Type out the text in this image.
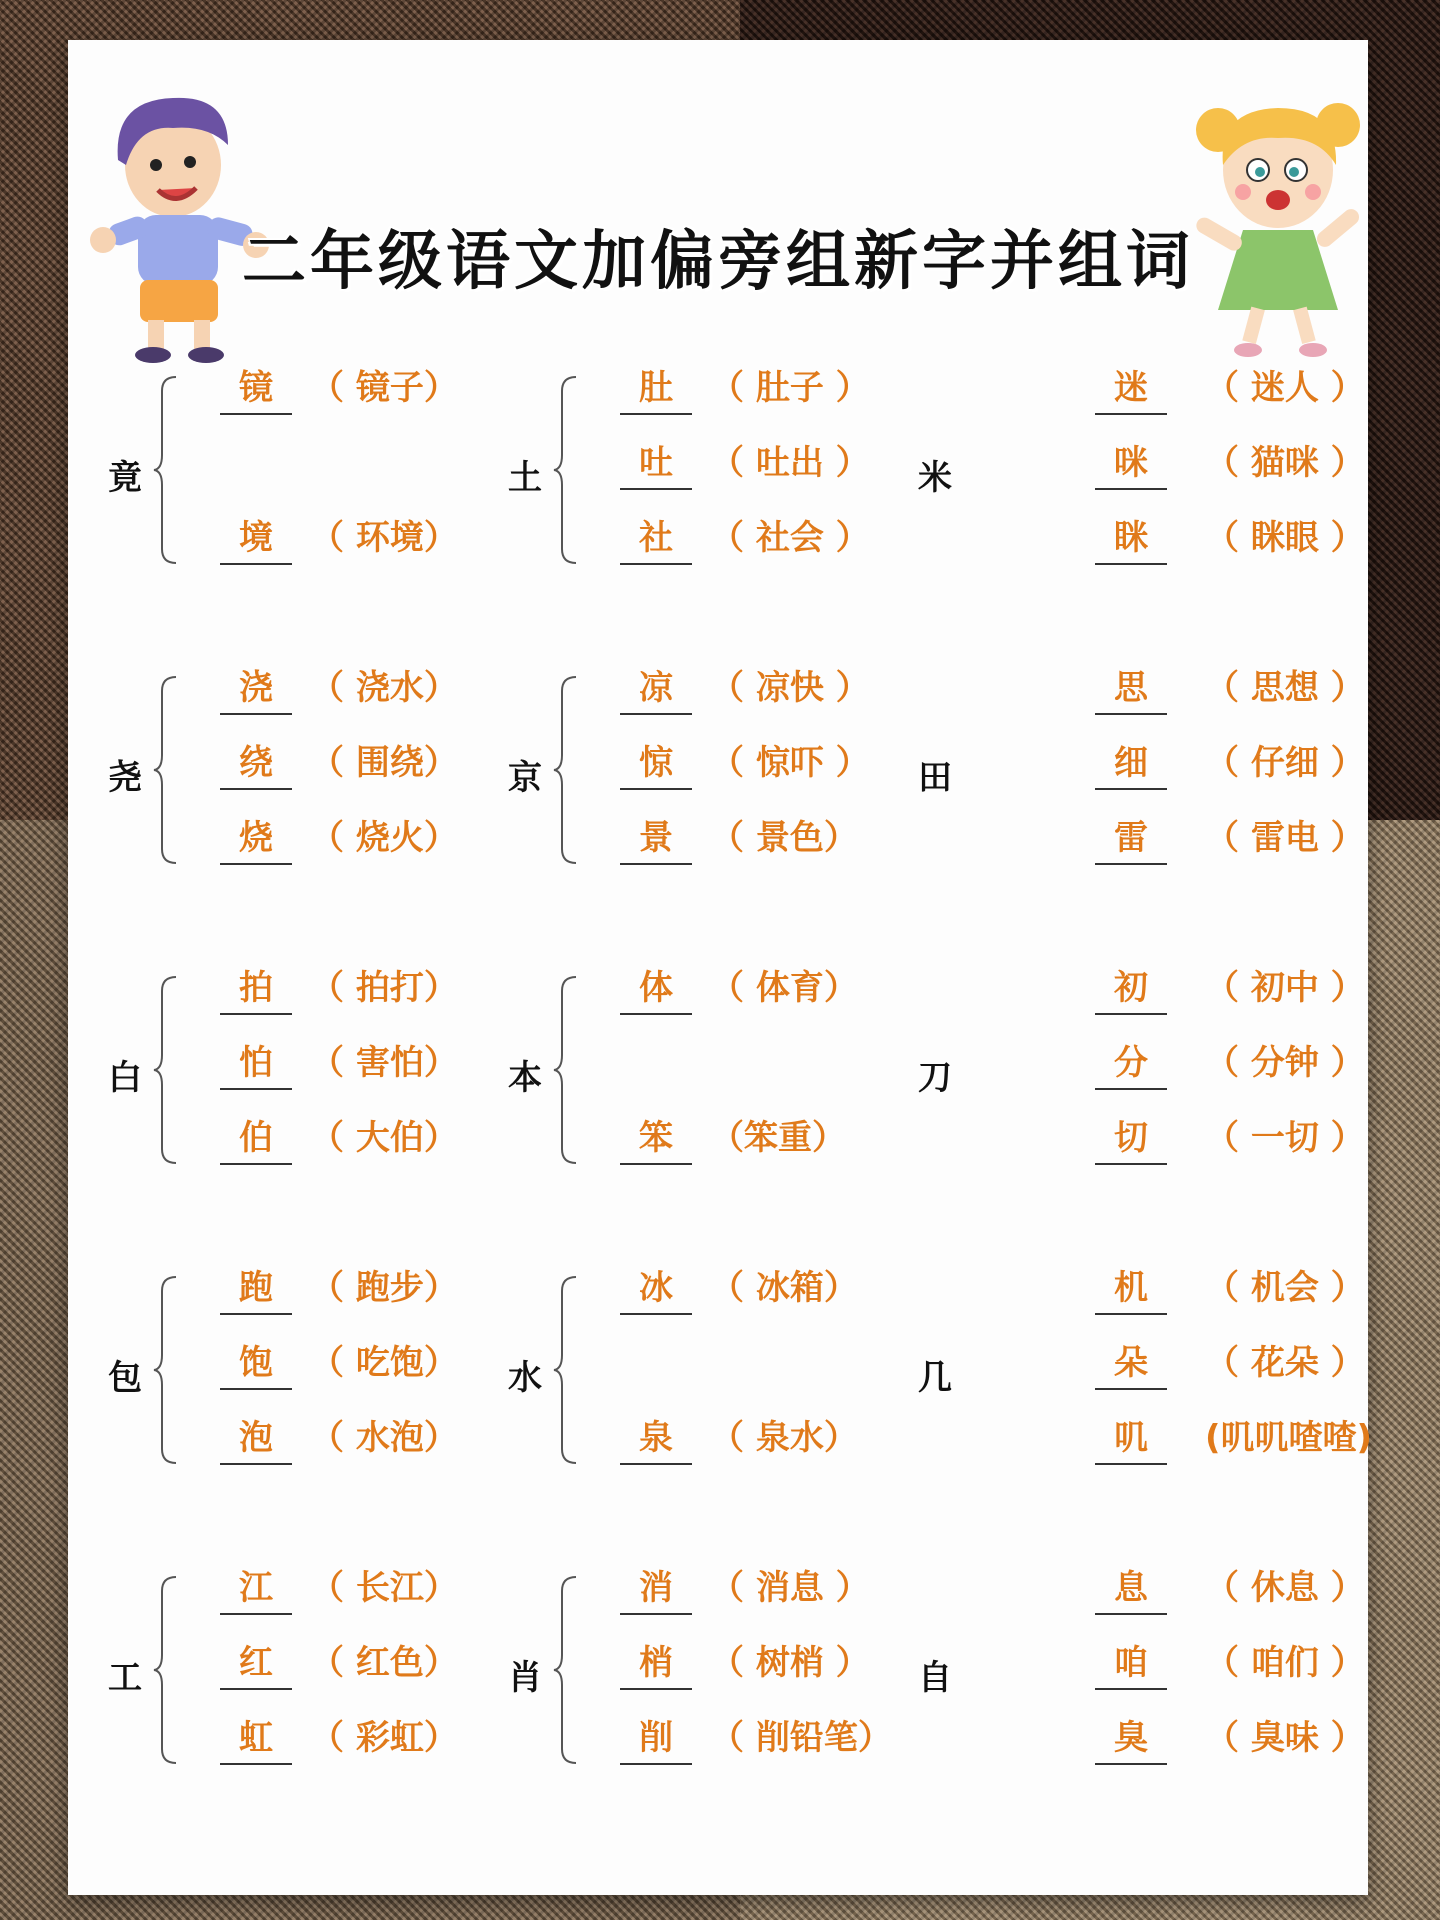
二年级语文加偏旁组新字并组词
竟
镜	（ 镜子）
境	（ 环境）
土
肚	（ 肚子 ）
吐	（ 吐出 ）
社	（ 社会 ）
米
迷	（ 迷人 ）
咪	（ 猫咪 ）
眯	（ 眯眼 ）
尧
浇	（ 浇水）
绕	（ 围绕）
烧	（ 烧火）
京
凉	（ 凉快 ）
惊	（ 惊吓 ）
景	（ 景色）
田
思	（ 思想 ）
细	（ 仔细 ）
雷	（ 雷电 ）
白
拍	（ 拍打）
怕	（ 害怕）
伯	（ 大伯）
本
体	（ 体育）
笨	（笨重）
刀
初	（ 初中 ）
分	（ 分钟 ）
切	（ 一切 ）
包
跑	（ 跑步）
饱	（ 吃饱）
泡	（ 水泡）
水
冰	（ 冰箱）
泉	（ 泉水）
几
机	（ 机会 ）
朵	（ 花朵 ）
叽	(叽叽喳喳)
工
江	（ 长江）
红	（ 红色）
虹	（ 彩虹）
肖
消	（ 消息 ）
梢	（ 树梢 ）
削	（ 削铅笔）
自
息	（ 休息 ）
咱	（ 咱们 ）
臭	（ 臭味 ）
